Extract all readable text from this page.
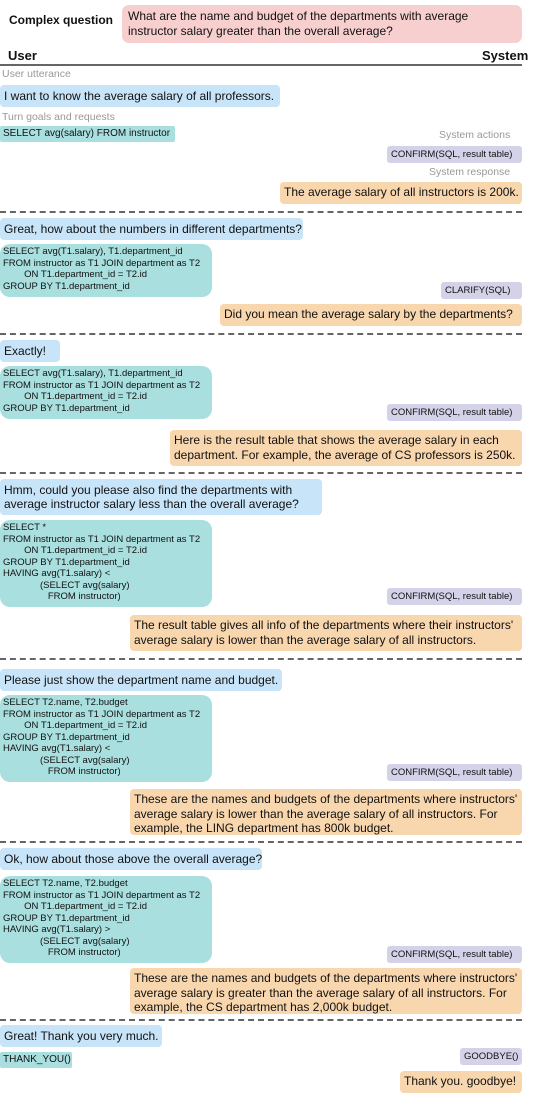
Complex question	What are the name and budget of the departments with average instructor salary greater than the overall average?
User	System
User utterance
I want to know the average salary of all professors.
Turn goals and requests
SELECT avg(salary) FROM instructor	System actions
CONFIRM(SQL, result table)
System response
The average salary of all instructors is 200k.
Great, how about the numbers in different departments?
SELECT avg(T1.salary), T1.department_id
FROM instructor as T1 JOIN department as T2
ON T1.department_id = T2.id
GROUP BY T1.department_id	CLARIFY(SQL)
Did you mean the average salary by the departments?
Exactly!
SELECT avg(T1.salary), T1.department_id
FROM instructor as T1 JOIN department as T2
ON T1.department_id = T2.id
GROUP BY T1.department_id	CONFIRM(SQL, result table)
Here is the result table that shows the average salary in each department. For example, the average of CS professors is 250k.
Hmm, could you please also find the departments with average instructor salary less than the overall average?
SELECT *
FROM instructor as T1 JOIN department as T2
ON T1.department_id = T2.id
GROUP BY T1.department_id
HAVING avg(T1.salary) <
(SELECT avg(salary)
FROM instructor)	CONFIRM(SQL, result table)
The result table gives all info of the departments where their instructors' average salary is lower than the average salary of all instructors.
Please just show the department name and budget.
SELECT T2.name, T2.budget
FROM instructor as T1 JOIN department as T2
ON T1.department_id = T2.id
GROUP BY T1.department_id
HAVING avg(T1.salary) <
(SELECT avg(salary)
FROM instructor)	CONFIRM(SQL, result table)
These are the names and budgets of the departments where instructors' average salary is lower than the average salary of all instructors. For example, the LING department has 800k budget.
Ok, how about those above the overall average?
SELECT T2.name, T2.budget
FROM instructor as T1 JOIN department as T2
ON T1.department_id = T2.id
GROUP BY T1.department_id
HAVING avg(T1.salary) >
(SELECT avg(salary)
FROM instructor)	CONFIRM(SQL, result table)
These are the names and budgets of the departments where instructors' average salary is greater than the average salary of all instructors. For example, the CS department has 2,000k budget.
Great! Thank you very much.
THANK_YOU()	GOODBYE()
Thank you. goodbye!
